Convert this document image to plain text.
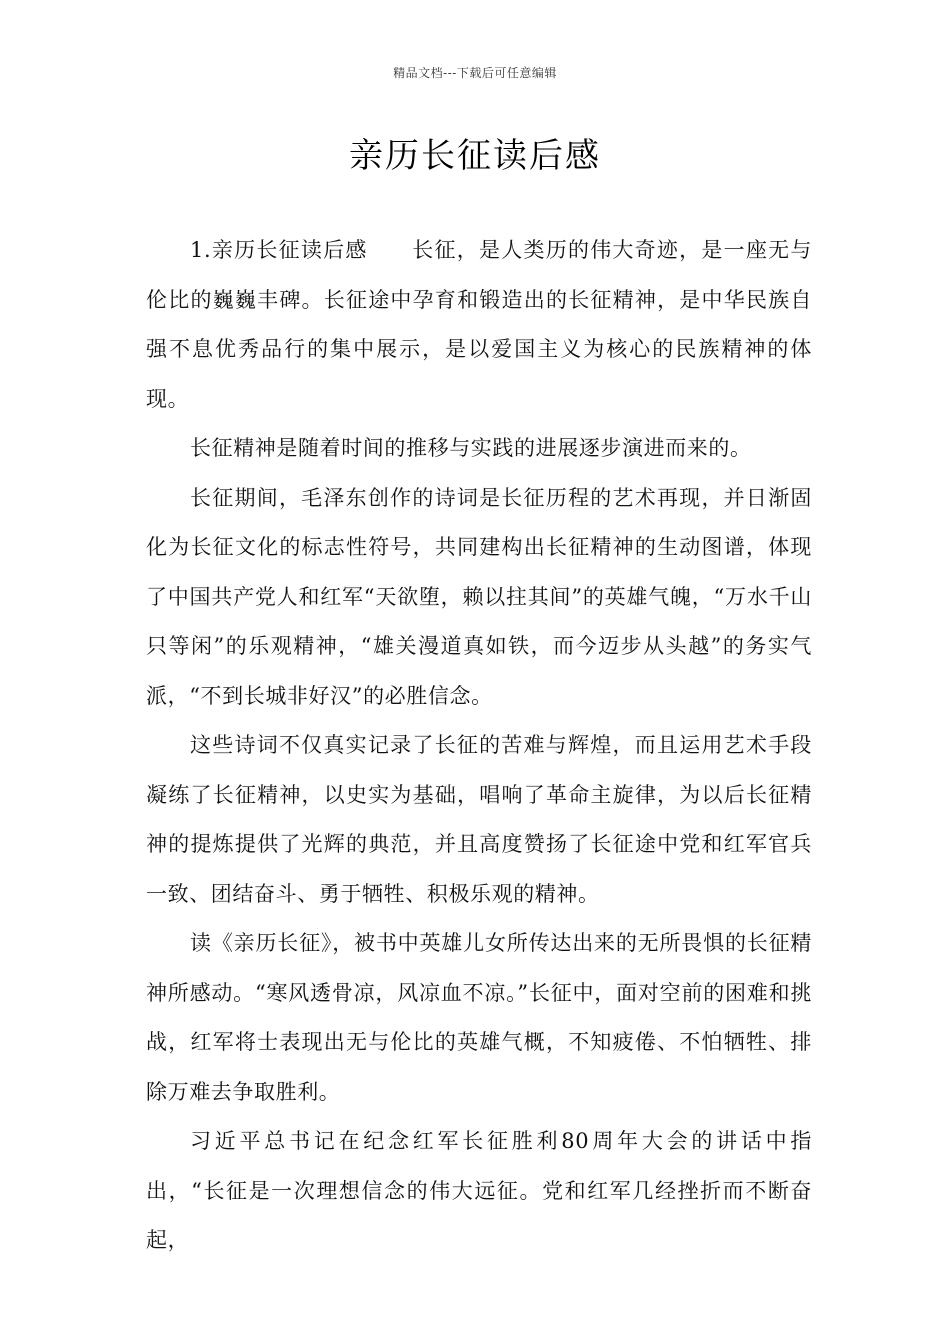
精品文档---下载后可任意编辑
亲历长征读后感

1.亲历长征读后感 长征，是人类历的伟大奇迹，是一座无与伦比的巍巍丰碑。长征途中孕育和锻造出的长征精神，是中华民族自强不息优秀品行的集中展示，是以爱国主义为核心的民族精神的体现。

长征精神是随着时间的推移与实践的进展逐步演进而来的。

长征期间，毛泽东创作的诗词是长征历程的艺术再现，并日渐固化为长征文化的标志性符号，共同建构出长征精神的生动图谱，体现了中国共产党人和红军“天欲堕，赖以拄其间”的英雄气魄，“万水千山只等闲”的乐观精神，“雄关漫道真如铁，而今迈步从头越”的务实气派，“不到长城非好汉”的必胜信念。

这些诗词不仅真实记录了长征的苦难与辉煌，而且运用艺术手段凝练了长征精神，以史实为基础，唱响了革命主旋律，为以后长征精神的提炼提供了光辉的典范，并且高度赞扬了长征途中党和红军官兵一致、团结奋斗、勇于牺牲、积极乐观的精神。

读《亲历长征》，被书中英雄儿女所传达出来的无所畏惧的长征精神所感动。“寒风透骨凉，风凉血不凉。”长征中，面对空前的困难和挑战，红军将士表现出无与伦比的英雄气概，不知疲倦、不怕牺牲、排除万难去争取胜利。

习近平总书记在纪念红军长征胜利80周年大会的讲话中指出，“长征是一次理想信念的伟大远征。党和红军几经挫折而不断奋起，
